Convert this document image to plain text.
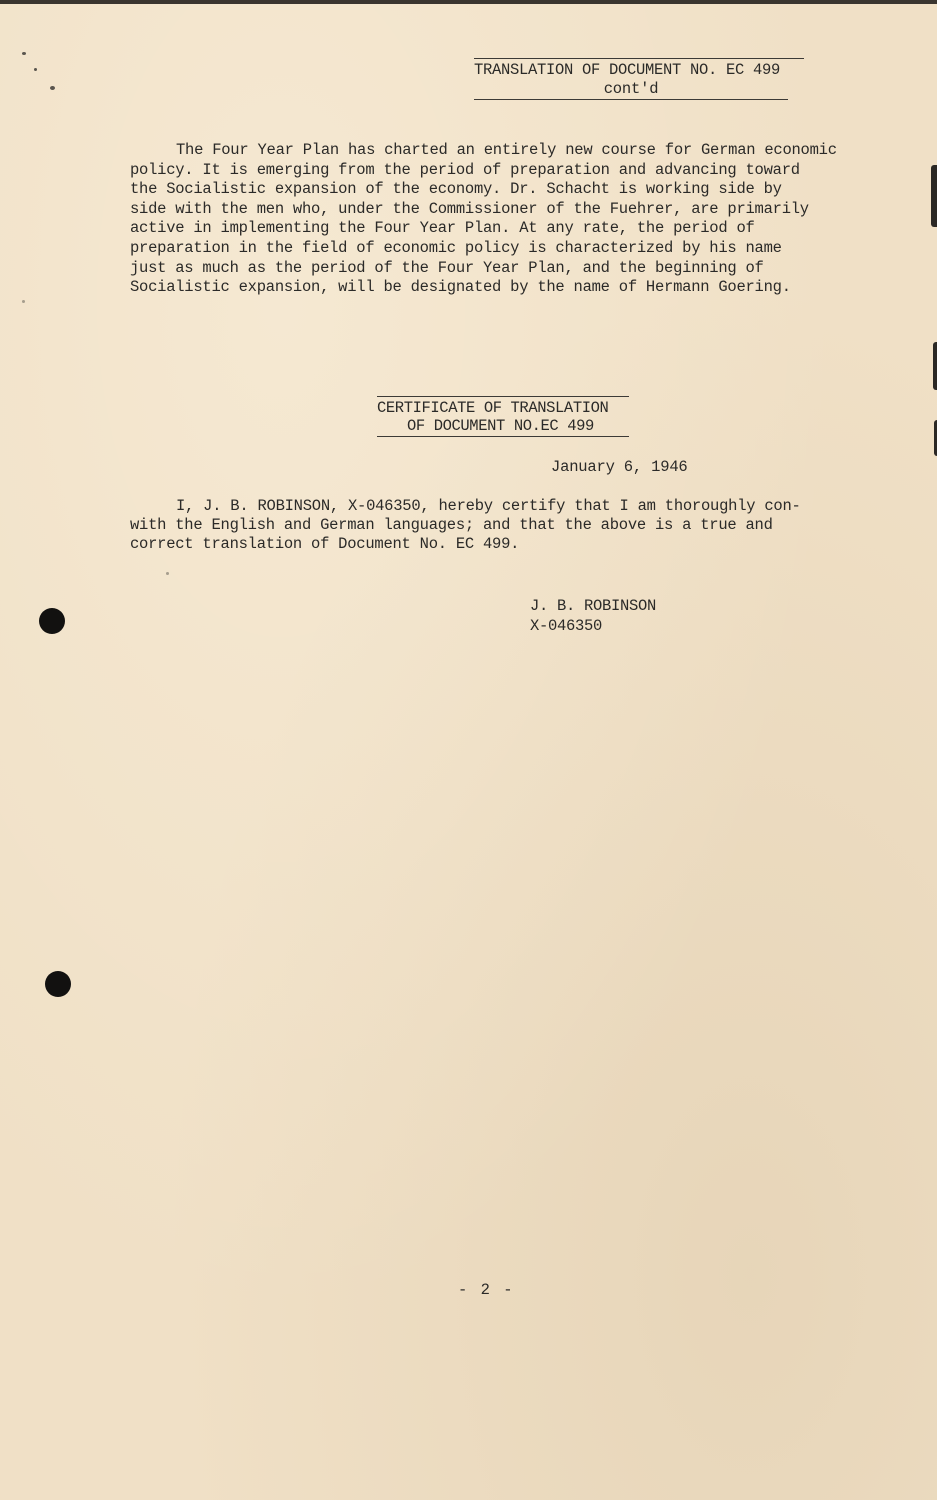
TRANSLATION OF DOCUMENT NO. EC 499
cont'd
The Four Year Plan has charted an entirely new course for German economic
policy. It is emerging from the period of preparation and advancing toward
the Socialistic expansion of the economy. Dr. Schacht is working side by
side with the men who, under the Commissioner of the Fuehrer, are primarily
active in implementing the Four Year Plan. At any rate, the period of
preparation in the field of economic policy is characterized by his name
just as much as the period of the Four Year Plan, and the beginning of
Socialistic expansion, will be designated by the name of Hermann Goering.
CERTIFICATE OF TRANSLATION
OF DOCUMENT NO.EC 499
January 6, 1946
I, J. B. ROBINSON, X-046350, hereby certify that I am thoroughly con-
with the English and German languages; and that the above is a true and
correct translation of Document No. EC 499.
J. B. ROBINSON
X-046350
- 2 -
